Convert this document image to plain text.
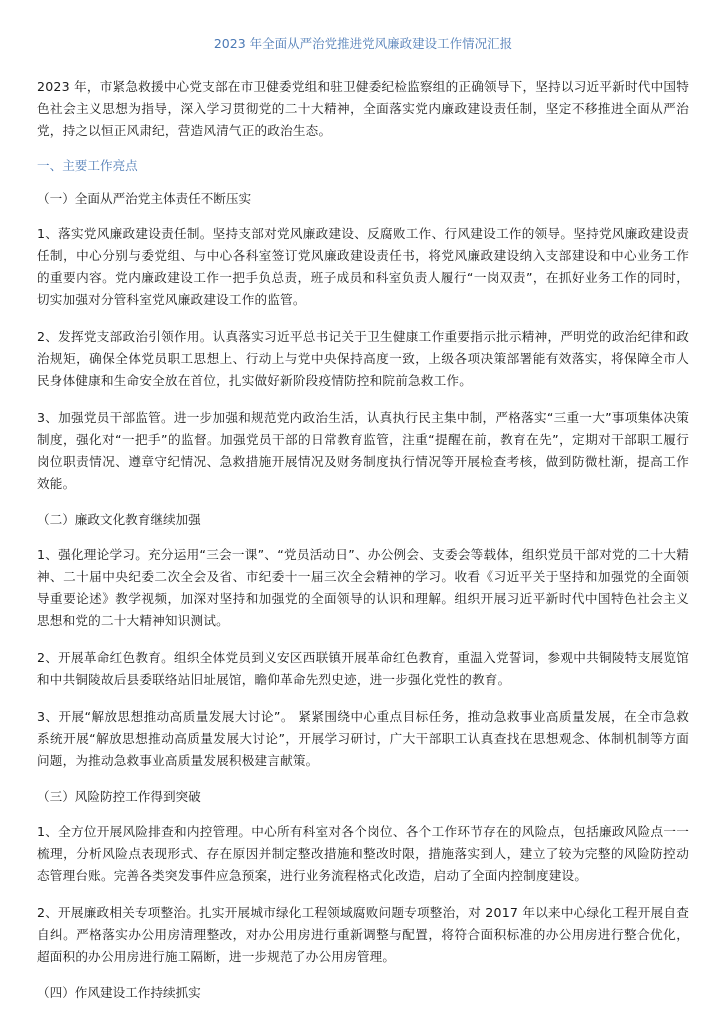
2023 年全面从严治党推进党风廉政建设工作情况汇报

2023 年，市紧急救援中心党支部在市卫健委党组和驻卫健委纪检监察组的正确领导下，坚持以习近平新时代中国特色社会主义思想为指导，深入学习贯彻党的二十大精神，全面落实党内廉政建设责任制，坚定不移推进全面从严治党，持之以恒正风肃纪，营造风清气正的政治生态。

一、主要工作亮点
（一）全面从严治党主体责任不断压实

1、落实党风廉政建设责任制。坚持支部对党风廉政建设、反腐败工作、行风建设工作的领导。坚持党风廉政建设责任制，中心分别与委党组、与中心各科室签订党风廉政建设责任书，将党风廉政建设纳入支部建设和中心业务工作的重要内容。党内廉政建设工作一把手负总责，班子成员和科室负责人履行“一岗双责”，在抓好业务工作的同时，切实加强对分管科室党风廉政建设工作的监管。

2、发挥党支部政治引领作用。认真落实习近平总书记关于卫生健康工作重要指示批示精神，严明党的政治纪律和政治规矩，确保全体党员职工思想上、行动上与党中央保持高度一致，上级各项决策部署能有效落实，将保障全市人民身体健康和生命安全放在首位，扎实做好新阶段疫情防控和院前急救工作。

3、加强党员干部监管。进一步加强和规范党内政治生活，认真执行民主集中制，严格落实“三重一大”事项集体决策制度，强化对“一把手”的监督。加强党员干部的日常教育监管，注重“提醒在前，教育在先”，定期对干部职工履行岗位职责情况、遵章守纪情况、急救措施开展情况及财务制度执行情况等开展检查考核，做到防微杜渐，提高工作效能。

（二）廉政文化教育继续加强

1、强化理论学习。充分运用“三会一课”、“党员活动日”、办公例会、支委会等载体，组织党员干部对党的二十大精神、二十届中央纪委二次全会及省、市纪委十一届三次全会精神的学习。收看《习近平关于坚持和加强党的全面领导重要论述》教学视频，加深对坚持和加强党的全面领导的认识和理解。组织开展习近平新时代中国特色社会主义思想和党的二十大精神知识测试。

2、开展革命红色教育。组织全体党员到义安区西联镇开展革命红色教育，重温入党誓词，参观中共铜陵特支展览馆和中共铜陵故后县委联络站旧址展馆，瞻仰革命先烈史迹，进一步强化党性的教育。

3、开展“解放思想推动高质量发展大讨论”。 紧紧围绕中心重点目标任务，推动急救事业高质量发展，在全市急救系统开展“解放思想推动高质量发展大讨论”，开展学习研讨，广大干部职工认真查找在思想观念、体制机制等方面问题，为推动急救事业高质量发展积极建言献策。

（三）风险防控工作得到突破

1、全方位开展风险排查和内控管理。中心所有科室对各个岗位、各个工作环节存在的风险点，包括廉政风险点一一梳理，分析风险点表现形式、存在原因并制定整改措施和整改时限，措施落实到人，建立了较为完整的风险防控动态管理台账。完善各类突发事件应急预案，进行业务流程格式化改造，启动了全面内控制度建设。

2、开展廉政相关专项整治。扎实开展城市绿化工程领域腐败问题专项整治，对 2017 年以来中心绿化工程开展自查自纠。严格落实办公用房清理整改，对办公用房进行重新调整与配置，将符合面积标准的办公用房进行整合优化，超面积的办公用房进行施工隔断，进一步规范了办公用房管理。

（四）作风建设工作持续抓实
